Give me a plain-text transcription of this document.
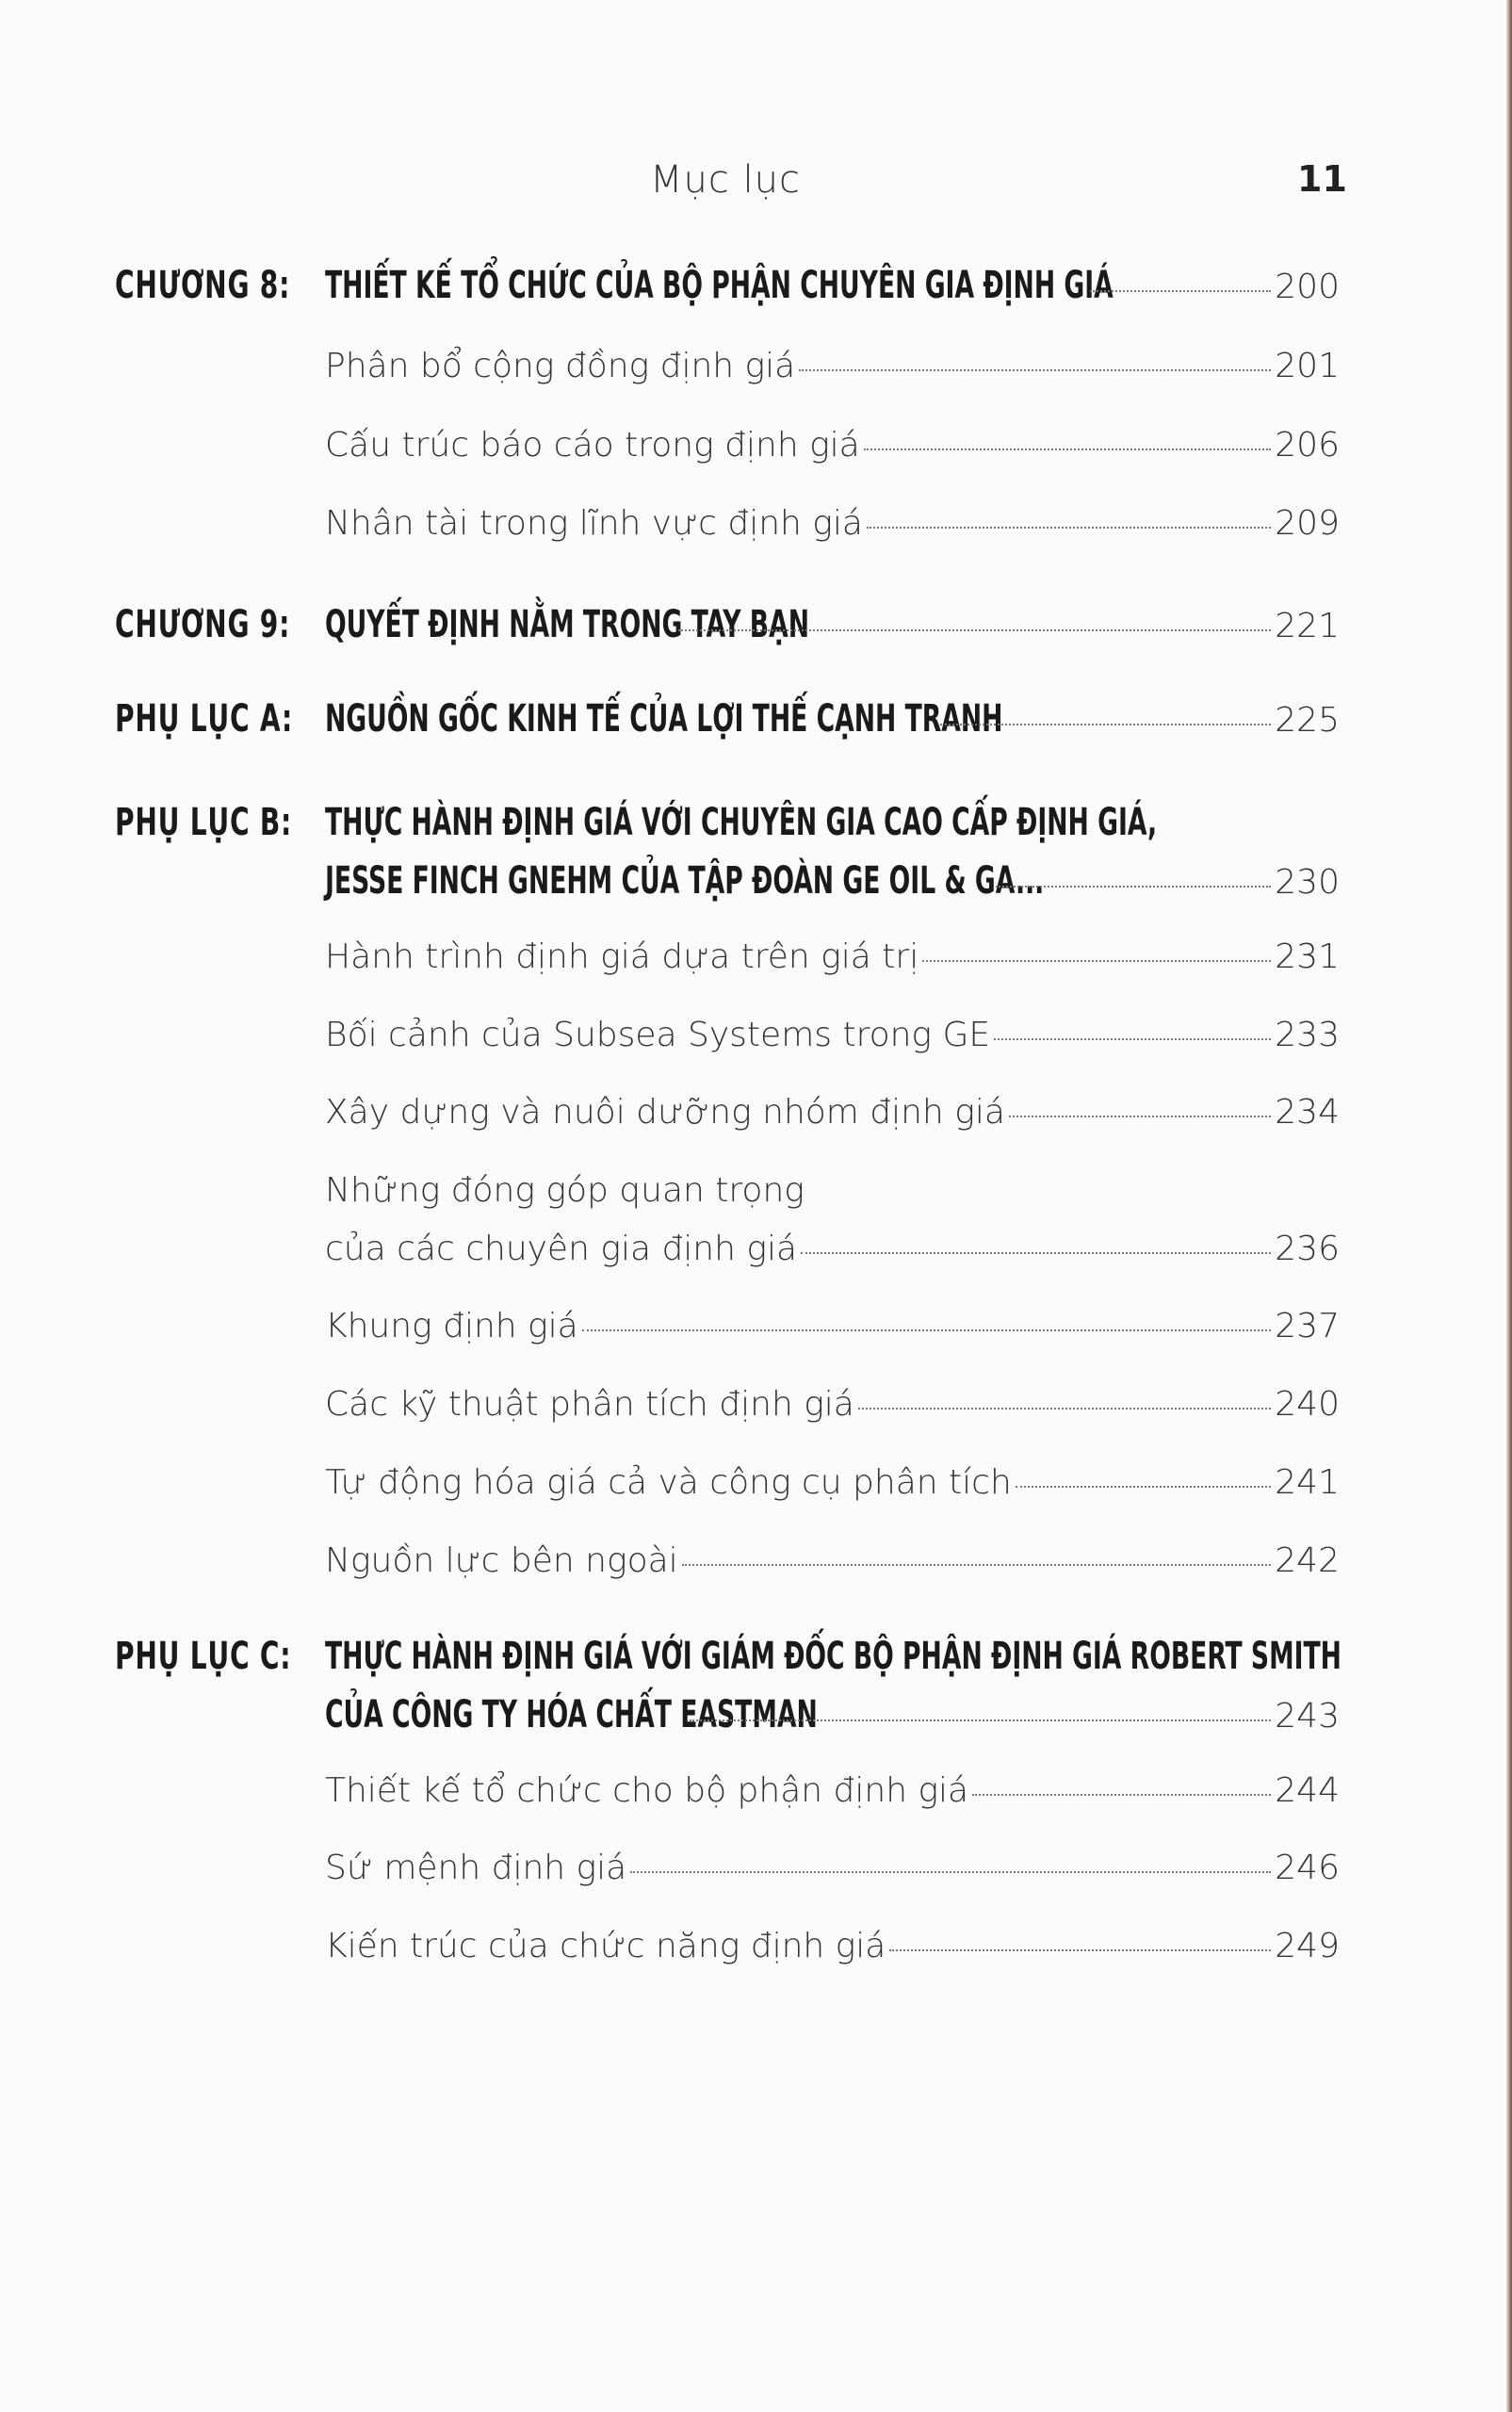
Mục lục	11
CHƯƠNG 8: THIẾT KẾ TỔ CHỨC CỦA BỘ PHẬN CHUYÊN GIA ĐỊNH GIÁ	200
Phân bổ cộng đồng định giá	201
Cấu trúc báo cáo trong định giá	206
Nhân tài trong lĩnh vực định giá	209
CHƯƠNG 9: QUYẾT ĐỊNH NẰM TRONG TAY BẠN	221
PHỤ LỤC A: NGUỒN GỐC KINH TẾ CỦA LỢI THẾ CẠNH TRANH	225
PHỤ LỤC B: THỰC HÀNH ĐỊNH GIÁ VỚI CHUYÊN GIA CAO CẤP ĐỊNH GIÁ,
JESSE FINCH GNEHM CỦA TẬP ĐOÀN GE OIL & GA...	230
Hành trình định giá dựa trên giá trị	231
Bối cảnh của Subsea Systems trong GE	233
Xây dựng và nuôi dưỡng nhóm định giá	234
Những đóng góp quan trọng
của các chuyên gia định giá	236
Khung định giá	237
Các kỹ thuật phân tích định giá	240
Tự động hóa giá cả và công cụ phân tích	241
Nguồn lực bên ngoài	242
PHỤ LỤC C: THỰC HÀNH ĐỊNH GIÁ VỚI GIÁM ĐỐC BỘ PHẬN ĐỊNH GIÁ ROBERT SMITH
CỦA CÔNG TY HÓA CHẤT EASTMAN	243
Thiết kế tổ chức cho bộ phận định giá	244
Sứ mệnh định giá	246
Kiến trúc của chức năng định giá	249
